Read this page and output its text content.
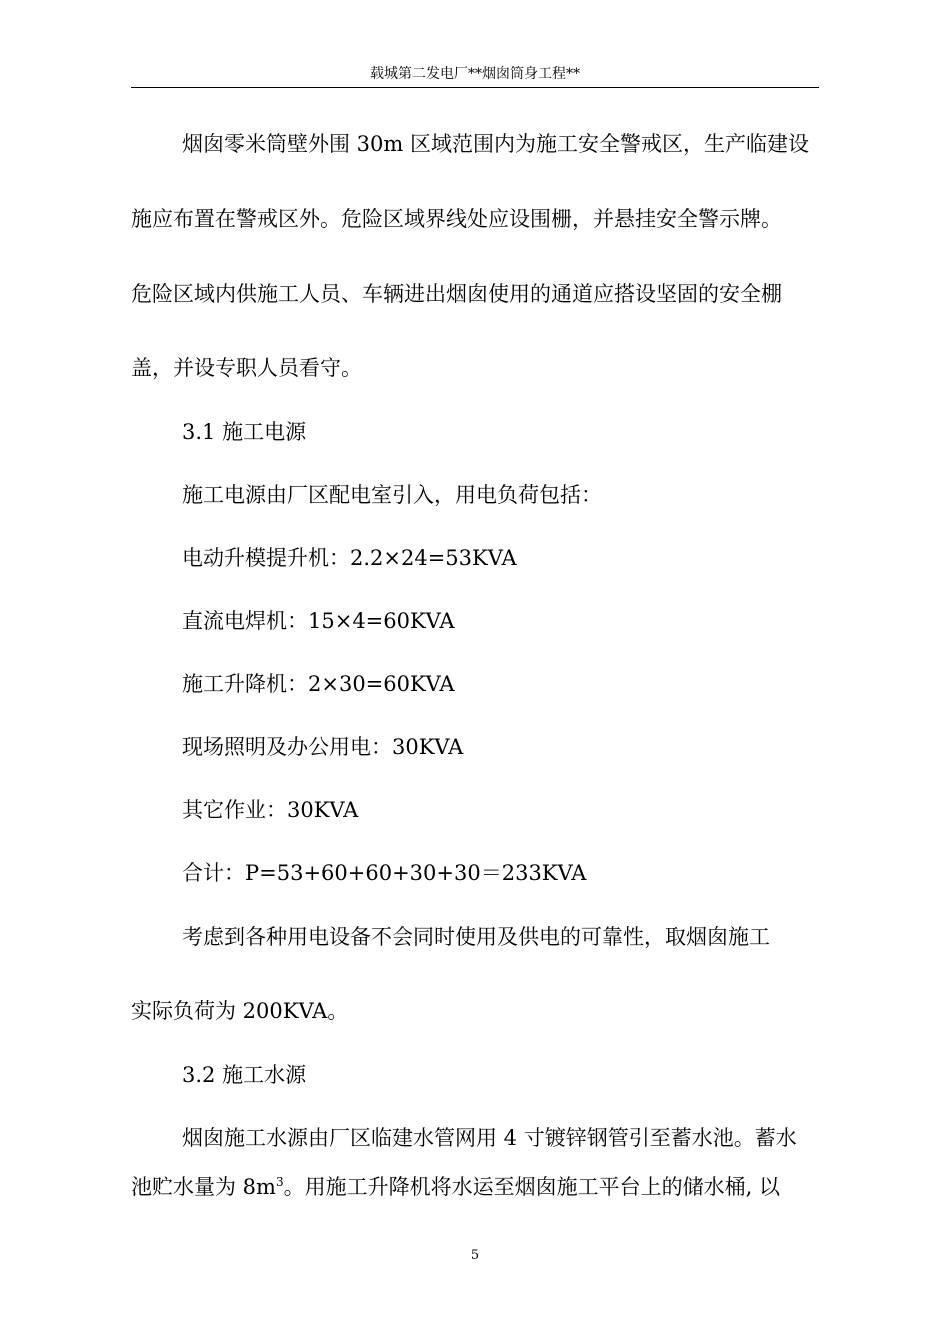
载城第二发电厂**烟囱筒身工程**
烟囱零米筒壁外围 30m 区域范围内为施工安全警戒区，生产临建设
施应布置在警戒区外。危险区域界线处应设围栅，并悬挂安全警示牌。
危险区域内供施工人员、车辆进出烟囱使用的通道应搭设坚固的安全棚
盖，并设专职人员看守。
3.1 施工电源
施工电源由厂区配电室引入，用电负荷包括：
电动升模提升机：2.2×24=53KVA
直流电焊机：15×4=60KVA
施工升降机：2×30=60KVA
现场照明及办公用电：30KVA
其它作业：30KVA
合计：P=53+60+60+30+30＝233KVA
考虑到各种用电设备不会同时使用及供电的可靠性，取烟囱施工
实际负荷为 200KVA。
3.2 施工水源
烟囱施工水源由厂区临建水管网用 4 寸镀锌钢管引至蓄水池。蓄水
池贮水量为 $8m^3$。用施工升降机将水运至烟囱施工平台上的储水桶, 以
5
